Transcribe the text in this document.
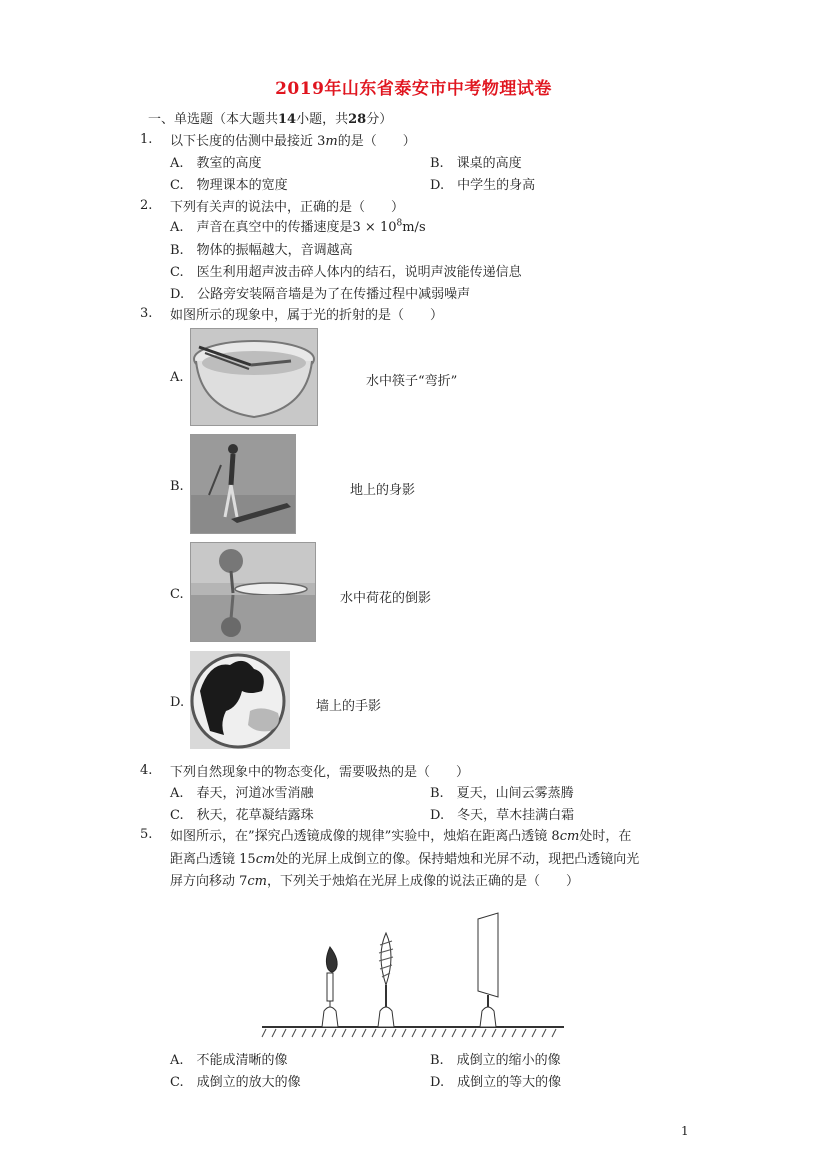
2019年山东省泰安市中考物理试卷
一、单选题（本大题共14小题，共28分）
1. 以下长度的估测中最接近 3m的是（　　）
A.　教室的高度	B.　课桌的高度
C.　物理课本的宽度	D.　中学生的身高
2. 下列有关声的说法中，正确的是（　　）
A.　声音在真空中的传播速度是$3 \times 10^8m/s$
B.　物体的振幅越大，音调越高
C.　医生利用超声波击碎人体内的结石，说明声波能传递信息
D.　公路旁安装隔音墙是为了在传播过程中减弱噪声
3. 如图所示的现象中，属于光的折射的是（　　）
A.	水中筷子“弯折”
B.	地上的身影
C.	水中荷花的倒影
D.	墙上的手影
4. 下列自然现象中的物态变化，需要吸热的是（　　）
A.　春天，河道冰雪消融	B.　夏天，山间云雾蒸腾
C.　秋天，花草凝结露珠	D.　冬天，草木挂满白霜
5. 如图所示，在”探究凸透镜成像的规律”实验中，烛焰在距离凸透镜 8cm处时，在
距离凸透镜 15cm处的光屏上成倒立的像。保持蜡烛和光屏不动，现把凸透镜向光
屏方向移动 7cm，下列关于烛焰在光屏上成像的说法正确的是（　　）
A.　不能成清晰的像	B.　成倒立的缩小的像
C.　成倒立的放大的像	D.　成倒立的等大的像
1
